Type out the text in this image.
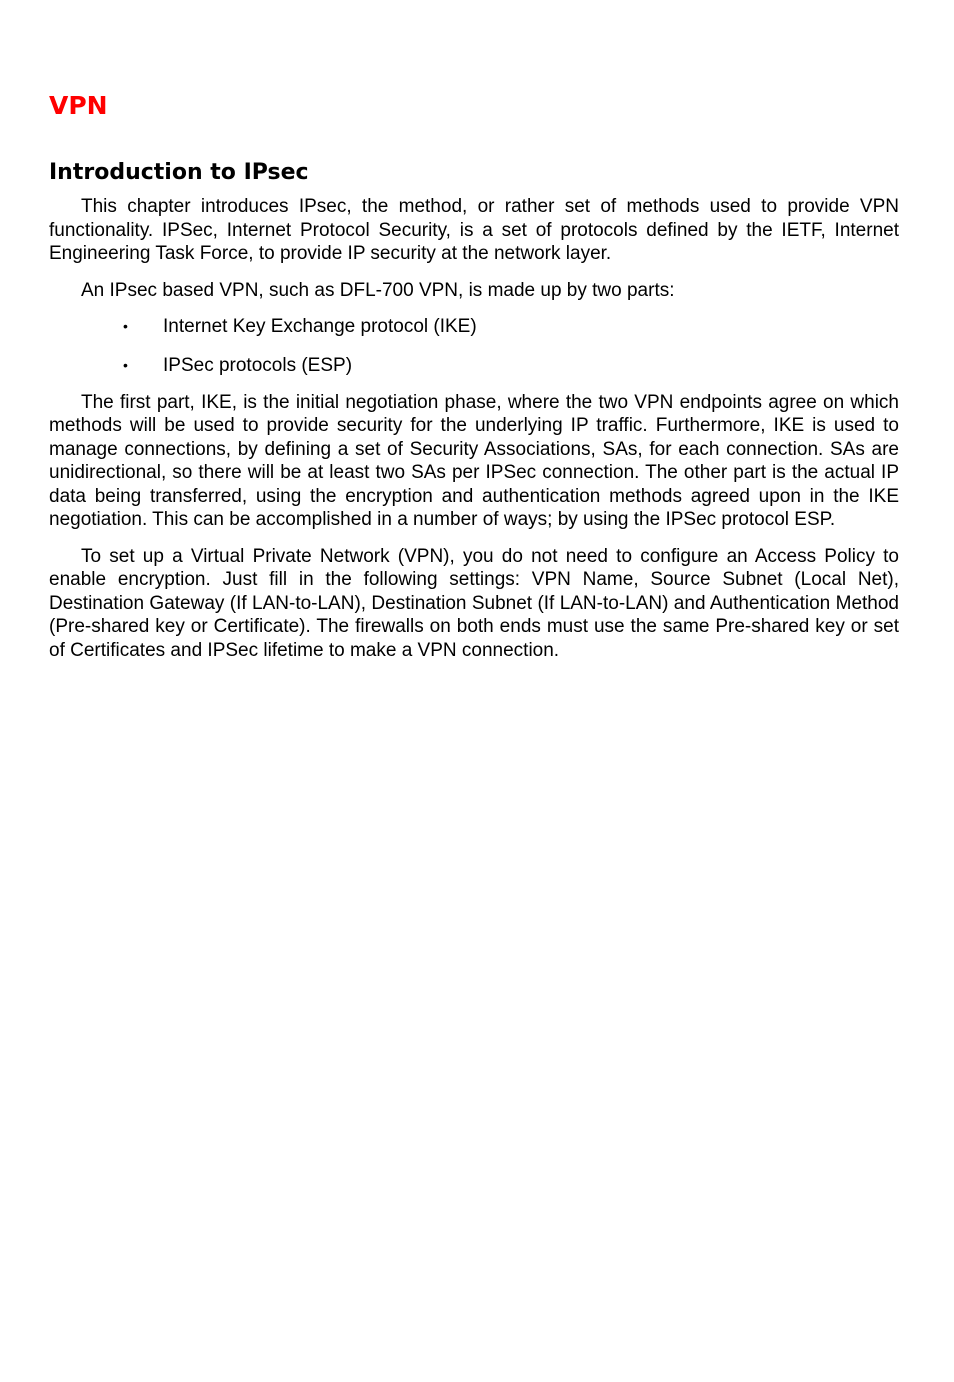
VPN
Introduction to IPsec

This chapter introduces IPsec, the method, or rather set of methods used to provide VPN functionality. IPSec, Internet Protocol Security, is a set of protocols defined by the IETF, Internet Engineering Task Force, to provide IP security at the network layer.

An IPsec based VPN, such as DFL-700 VPN, is made up by two parts:

• Internet Key Exchange protocol (IKE)
• IPSec protocols (ESP)

The first part, IKE, is the initial negotiation phase, where the two VPN endpoints agree on which methods will be used to provide security for the underlying IP traffic. Furthermore, IKE is used to manage connections, by defining a set of Security Associations, SAs, for each connection. SAs are unidirectional, so there will be at least two SAs per IPSec connection. The other part is the actual IP data being transferred, using the encryption and authentication methods agreed upon in the IKE negotiation. This can be accomplished in a number of ways; by using the IPSec protocol ESP.

To set up a Virtual Private Network (VPN), you do not need to configure an Access Policy to enable encryption. Just fill in the following settings: VPN Name, Source Subnet (Local Net), Destination Gateway (If LAN-to-LAN), Destination Subnet (If LAN-to-LAN) and Authentication Method (Pre-shared key or Certificate). The firewalls on both ends must use the same Pre-shared key or set of Certificates and IPSec lifetime to make a VPN connection.
